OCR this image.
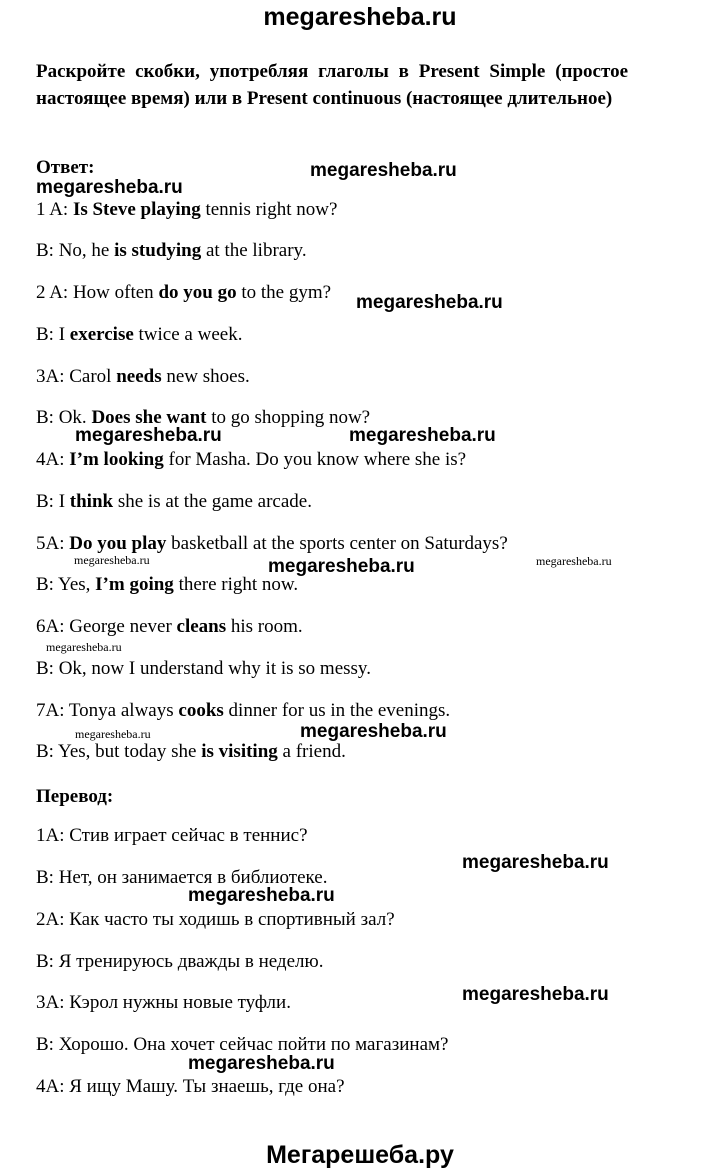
megaresheba.ru

Раскройте скобки, употребляя глаголы в Present Simple (простое настоящее время) или в Present continuous (настоящее длительное)

Ответ:
1 A: Is Steve playing tennis right now?
B: No, he is studying at the library.
2 A: How often do you go to the gym?
B: I exercise twice a week.
3A: Carol needs new shoes.
B: Ok. Does she want to go shopping now?
4A: I’m looking for Masha. Do you know where she is?
B: I think she is at the game arcade.
5A: Do you play basketball at the sports center on Saturdays?
B: Yes, I’m going there right now.
6A: George never cleans his room.
B: Ok, now I understand why it is so messy.
7A: Tonya always cooks dinner for us in the evenings.
B: Yes, but today she is visiting a friend.
Перевод:
1A: Стив играет сейчас в теннис?
B: Нет, он занимается в библиотеке.
2A: Как часто ты ходишь в спортивный зал?
B: Я тренируюсь дважды в неделю.
3A: Кэрол нужны новые туфли.
B: Хорошо. Она хочет сейчас пойти по магазинам?
4A: Я ищу Машу. Ты знаешь, где она?
megaresheba.ru
megaresheba.ru
megaresheba.ru
megaresheba.ru	megaresheba.ru
megaresheba.ru	megaresheba.ru	megaresheba.ru
megaresheba.ru
megaresheba.ru	megaresheba.ru
megaresheba.ru
megaresheba.ru
megaresheba.ru
megaresheba.ru
Мегарешеба.ру
